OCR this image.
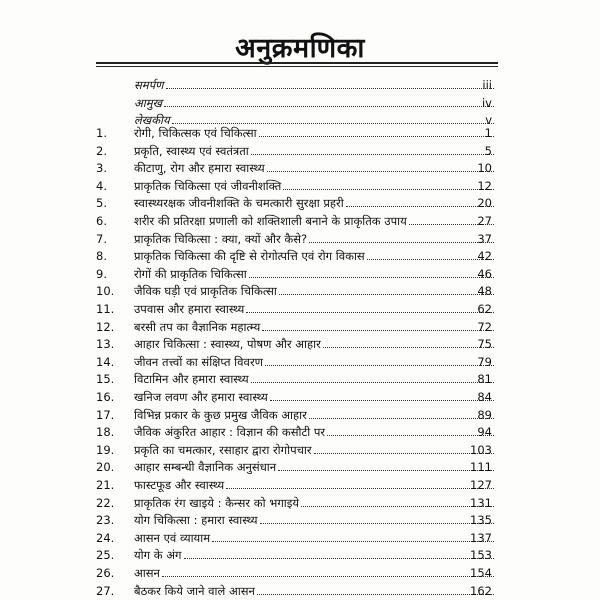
अनुक्रमणिका
समर्पण	iii
आमुख	iv
लेखकीय	v
1.	रोगी, चिकित्सक एवं चिकित्सा	1
2.	प्रकृति, स्वास्थ्य एवं स्वतंत्रता	5
3.	कीटाणु, रोग और हमारा स्वास्थ्य	10
4.	प्राकृतिक चिकित्सा एवं जीवनीशक्ति	12
5.	स्वास्थ्यरक्षक जीवनीशक्ति के चमत्कारी सुरक्षा प्रहरी	20
6.	शरीर की प्रतिरक्षा प्रणाली को शक्तिशाली बनाने के प्राकृतिक उपाय	27
7.	प्राकृतिक चिकित्सा : क्या, क्यों और कैसे?	37
8.	प्राकृतिक चिकित्सा की दृष्टि से रोगोत्पत्ति एवं रोग विकास	42
9.	रोगों की प्राकृतिक चिकित्सा	46
10.	जैविक घड़ी एवं प्राकृतिक चिकित्सा	48
11.	उपवास और हमारा स्वास्थ्य	62
12.	बरसी तप का वैज्ञानिक महात्म्य	72
13.	आहार चिकित्सा : स्वास्थ्य, पोषण और आहार	75
14.	जीवन तत्त्वों का संक्षिप्त विवरण	79
15.	विटामिन और हमारा स्वास्थ्य	81
16.	खनिज लवण और हमारा स्वास्थ्य	84
17.	विभिन्न प्रकार के कुछ प्रमुख जैविक आहार	89
18.	जैविक अंकुरित आहार : विज्ञान की कसौटी पर	94
19.	प्रकृति का चमत्कार, रसाहार द्वारा रोगोपचार	103
20.	आहार सम्बन्धी वैज्ञानिक अनुसंधान	111
21.	फास्टफूड और स्वास्थ्य	127
22.	प्राकृतिक रंग खाइये : कैन्सर को भगाइये	131
23.	योग चिकित्सा : हमारा स्वास्थ्य	135
24.	आसन एवं व्यायाम	137
25.	योग के अंग	153
26.	आसन	154
27.	बैठकर किये जाने वाले आसन	162
